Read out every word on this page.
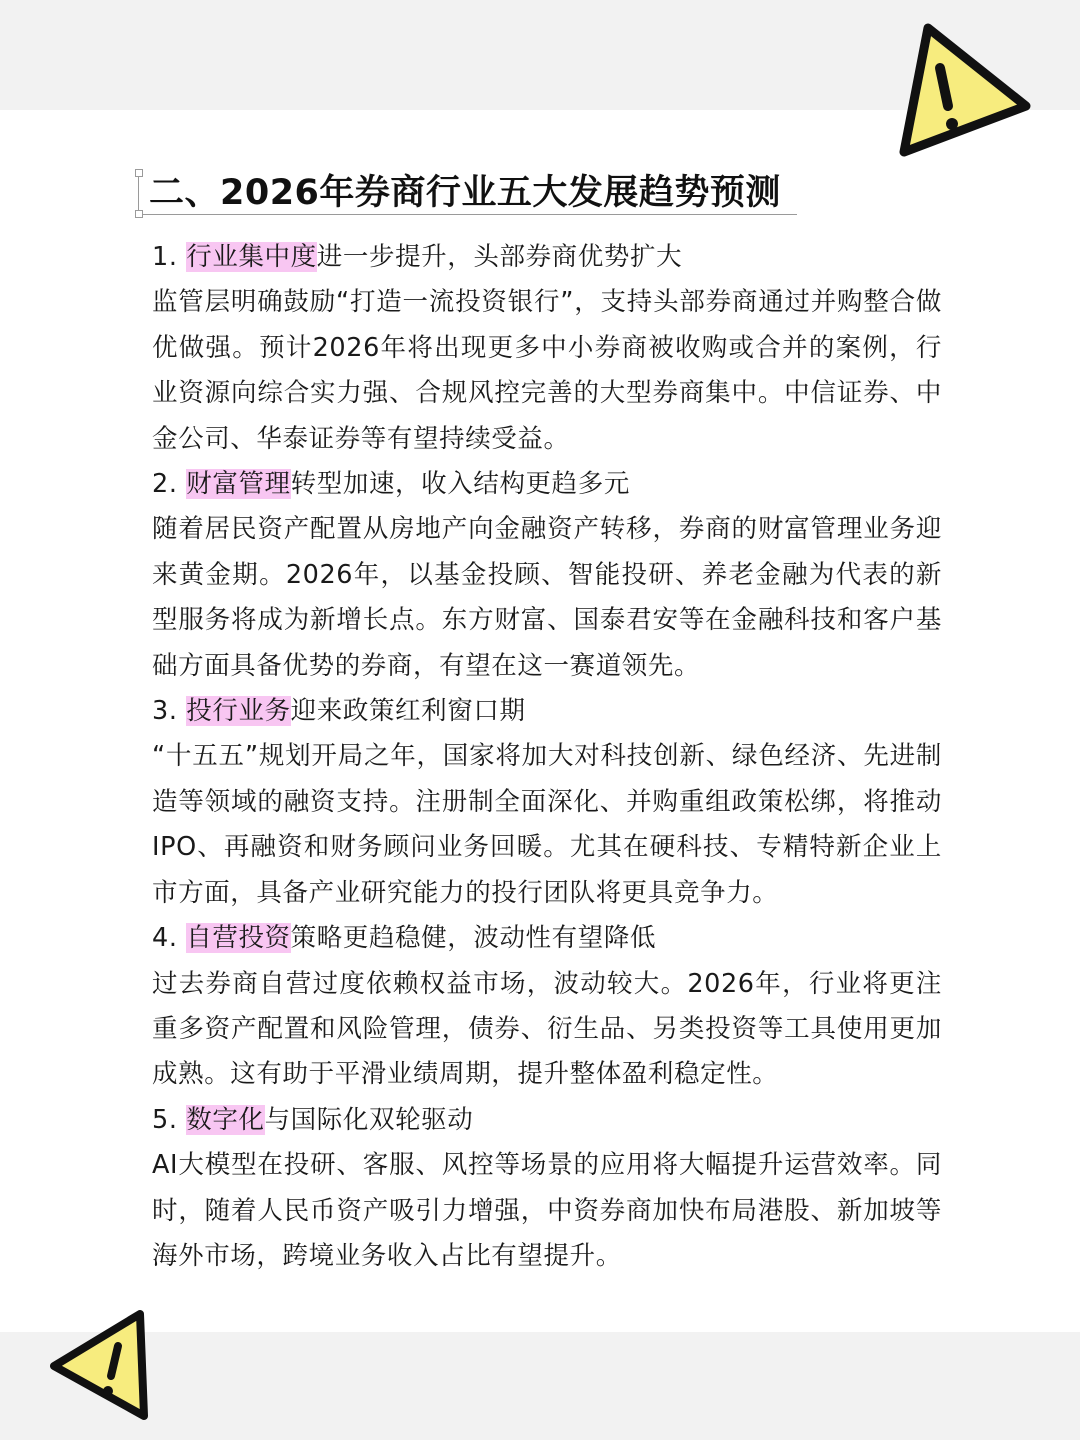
二、2026年券商行业五大发展趋势预测
1. 行业集中度进一步提升，头部券商优势扩大
监管层明确鼓励“打造一流投资银行”，支持头部券商通过并购整合做优做强。预计2026年将出现更多中小券商被收购或合并的案例，行业资源向综合实力强、合规风控完善的大型券商集中。中信证券、中金公司、华泰证券等有望持续受益。
2. 财富管理转型加速，收入结构更趋多元
随着居民资产配置从房地产向金融资产转移，券商的财富管理业务迎来黄金期。2026年，以基金投顾、智能投研、养老金融为代表的新型服务将成为新增长点。东方财富、国泰君安等在金融科技和客户基础方面具备优势的券商，有望在这一赛道领先。
3. 投行业务迎来政策红利窗口期
“十五五”规划开局之年，国家将加大对科技创新、绿色经济、先进制造等领域的融资支持。注册制全面深化、并购重组政策松绑，将推动IPO、再融资和财务顾问业务回暖。尤其在硬科技、专精特新企业上市方面，具备产业研究能力的投行团队将更具竞争力。
4. 自营投资策略更趋稳健，波动性有望降低
过去券商自营过度依赖权益市场，波动较大。2026年，行业将更注重多资产配置和风险管理，债券、衍生品、另类投资等工具使用更加成熟。这有助于平滑业绩周期，提升整体盈利稳定性。
5. 数字化与国际化双轮驱动
AI大模型在投研、客服、风控等场景的应用将大幅提升运营效率。同时，随着人民币资产吸引力增强，中资券商加快布局港股、新加坡等海外市场，跨境业务收入占比有望提升。
